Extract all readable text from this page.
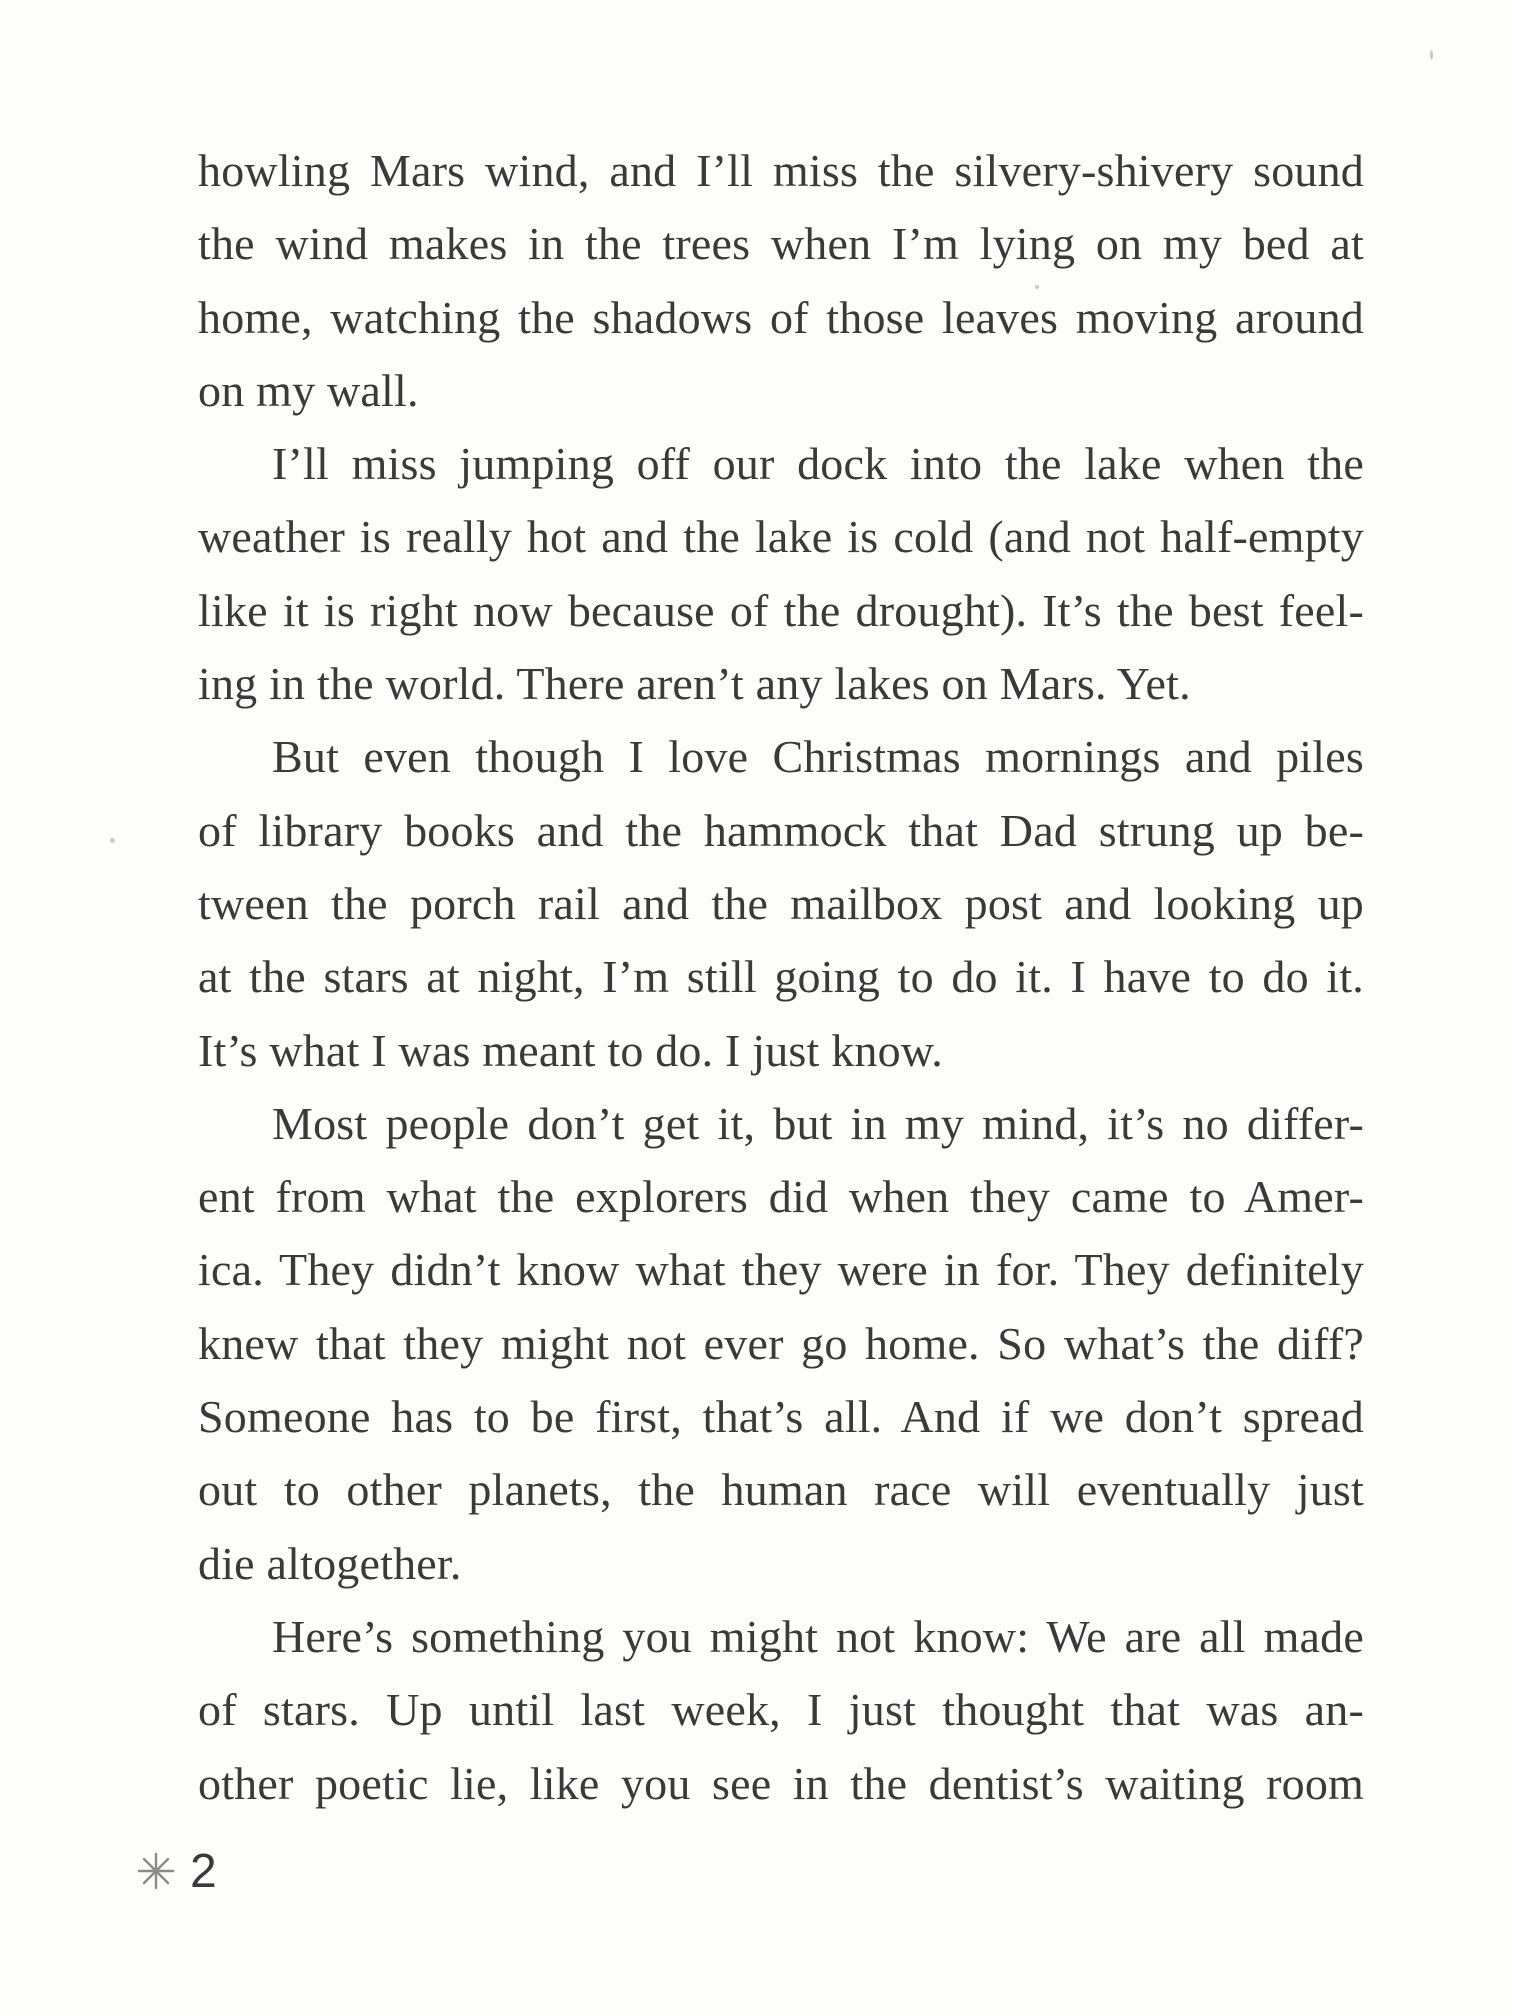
howling Mars wind, and I’ll miss the silvery-shivery sound
the wind makes in the trees when I’m lying on my bed at
home, watching the shadows of those leaves moving around
on my wall.
I’ll miss jumping off our dock into the lake when the
weather is really hot and the lake is cold (and not half-empty
like it is right now because of the drought). It’s the best feel-
ing in the world. There aren’t any lakes on Mars. Yet.
But even though I love Christmas mornings and piles
of library books and the hammock that Dad strung up be-
tween the porch rail and the mailbox post and looking up
at the stars at night, I’m still going to do it. I have to do it.
It’s what I was meant to do. I just know.
Most people don’t get it, but in my mind, it’s no differ-
ent from what the explorers did when they came to Amer-
ica. They didn’t know what they were in for. They definitely
knew that they might not ever go home. So what’s the diff?
Someone has to be first, that’s all. And if we don’t spread
out to other planets, the human race will eventually just
die altogether.
Here’s something you might not know: We are all made
of stars. Up until last week, I just thought that was an-
other poetic lie, like you see in the dentist’s waiting room
2
